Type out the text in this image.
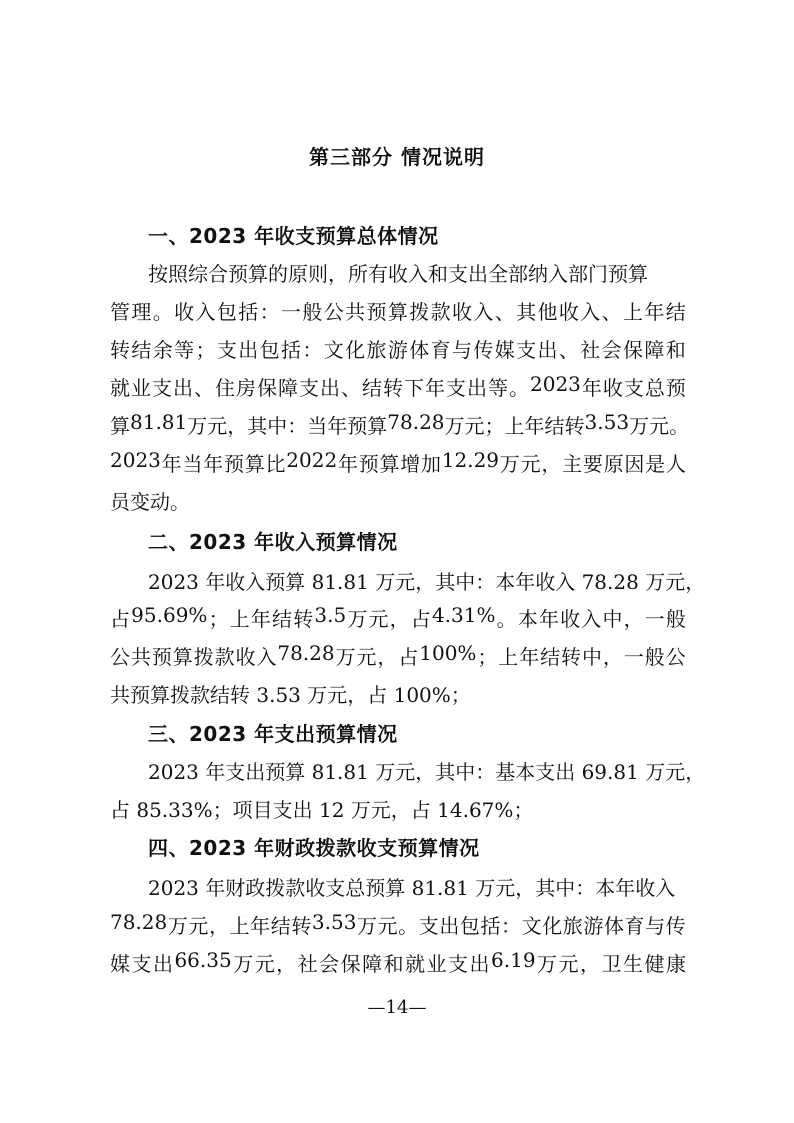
第三部分 情况说明
一、2023 年收支预算总体情况
按照综合预算的原则，所有收入和支出全部纳入部门预算
管 理 。 收 入 包 括 ： 一 般 公 共 预 算 拨 款 收 入 、 其 他 收 入 、 上 年 结
转 结 余 等 ； 支 出 包 括 ： 文 化 旅 游 体 育 与 传 媒 支 出 、 社 会 保 障 和
就 业 支 出 、 住 房 保 障 支 出 、 结 转 下 年 支 出 等 。 2023 年 收 支 总 预
算 81.81 万 元 ， 其 中 ： 当 年 预 算 78.28 万 元 ； 上 年 结 转 3.53 万 元 。
2023 年 当 年 预 算 比 2022 年 预 算 增 加 12.29 万 元 ， 主 要 原 因 是 人
员变动。
二、2023 年收入预算情况
2023 年收入预算 81.81 万元，其中：本年收入 78.28 万元，
占 95.69% ； 上 年 结 转 3.5 万 元 ， 占 4.31% 。 本 年 收 入 中 ， 一 般
公 共 预 算 拨 款 收 入 78.28 万 元 ， 占 100% ； 上 年 结 转 中 ， 一 般 公
共预算拨款结转 3.53 万元，占 100%；
三、2023 年支出预算情况
2023 年支出预算 81.81 万元，其中：基本支出 69.81 万元，
占 85.33%；项目支出 12 万元，占 14.67%；
四、2023 年财政拨款收支预算情况
2023 年财政拨款收支总预算 81.81 万元，其中：本年收入
78.28 万 元 ， 上 年 结 转 3.53 万 元 。 支 出 包 括 ： 文 化 旅 游 体 育 与 传
媒 支 出 66.35 万 元 ， 社 会 保 障 和 就 业 支 出 6.19 万 元 ， 卫 生 健 康
—14—
